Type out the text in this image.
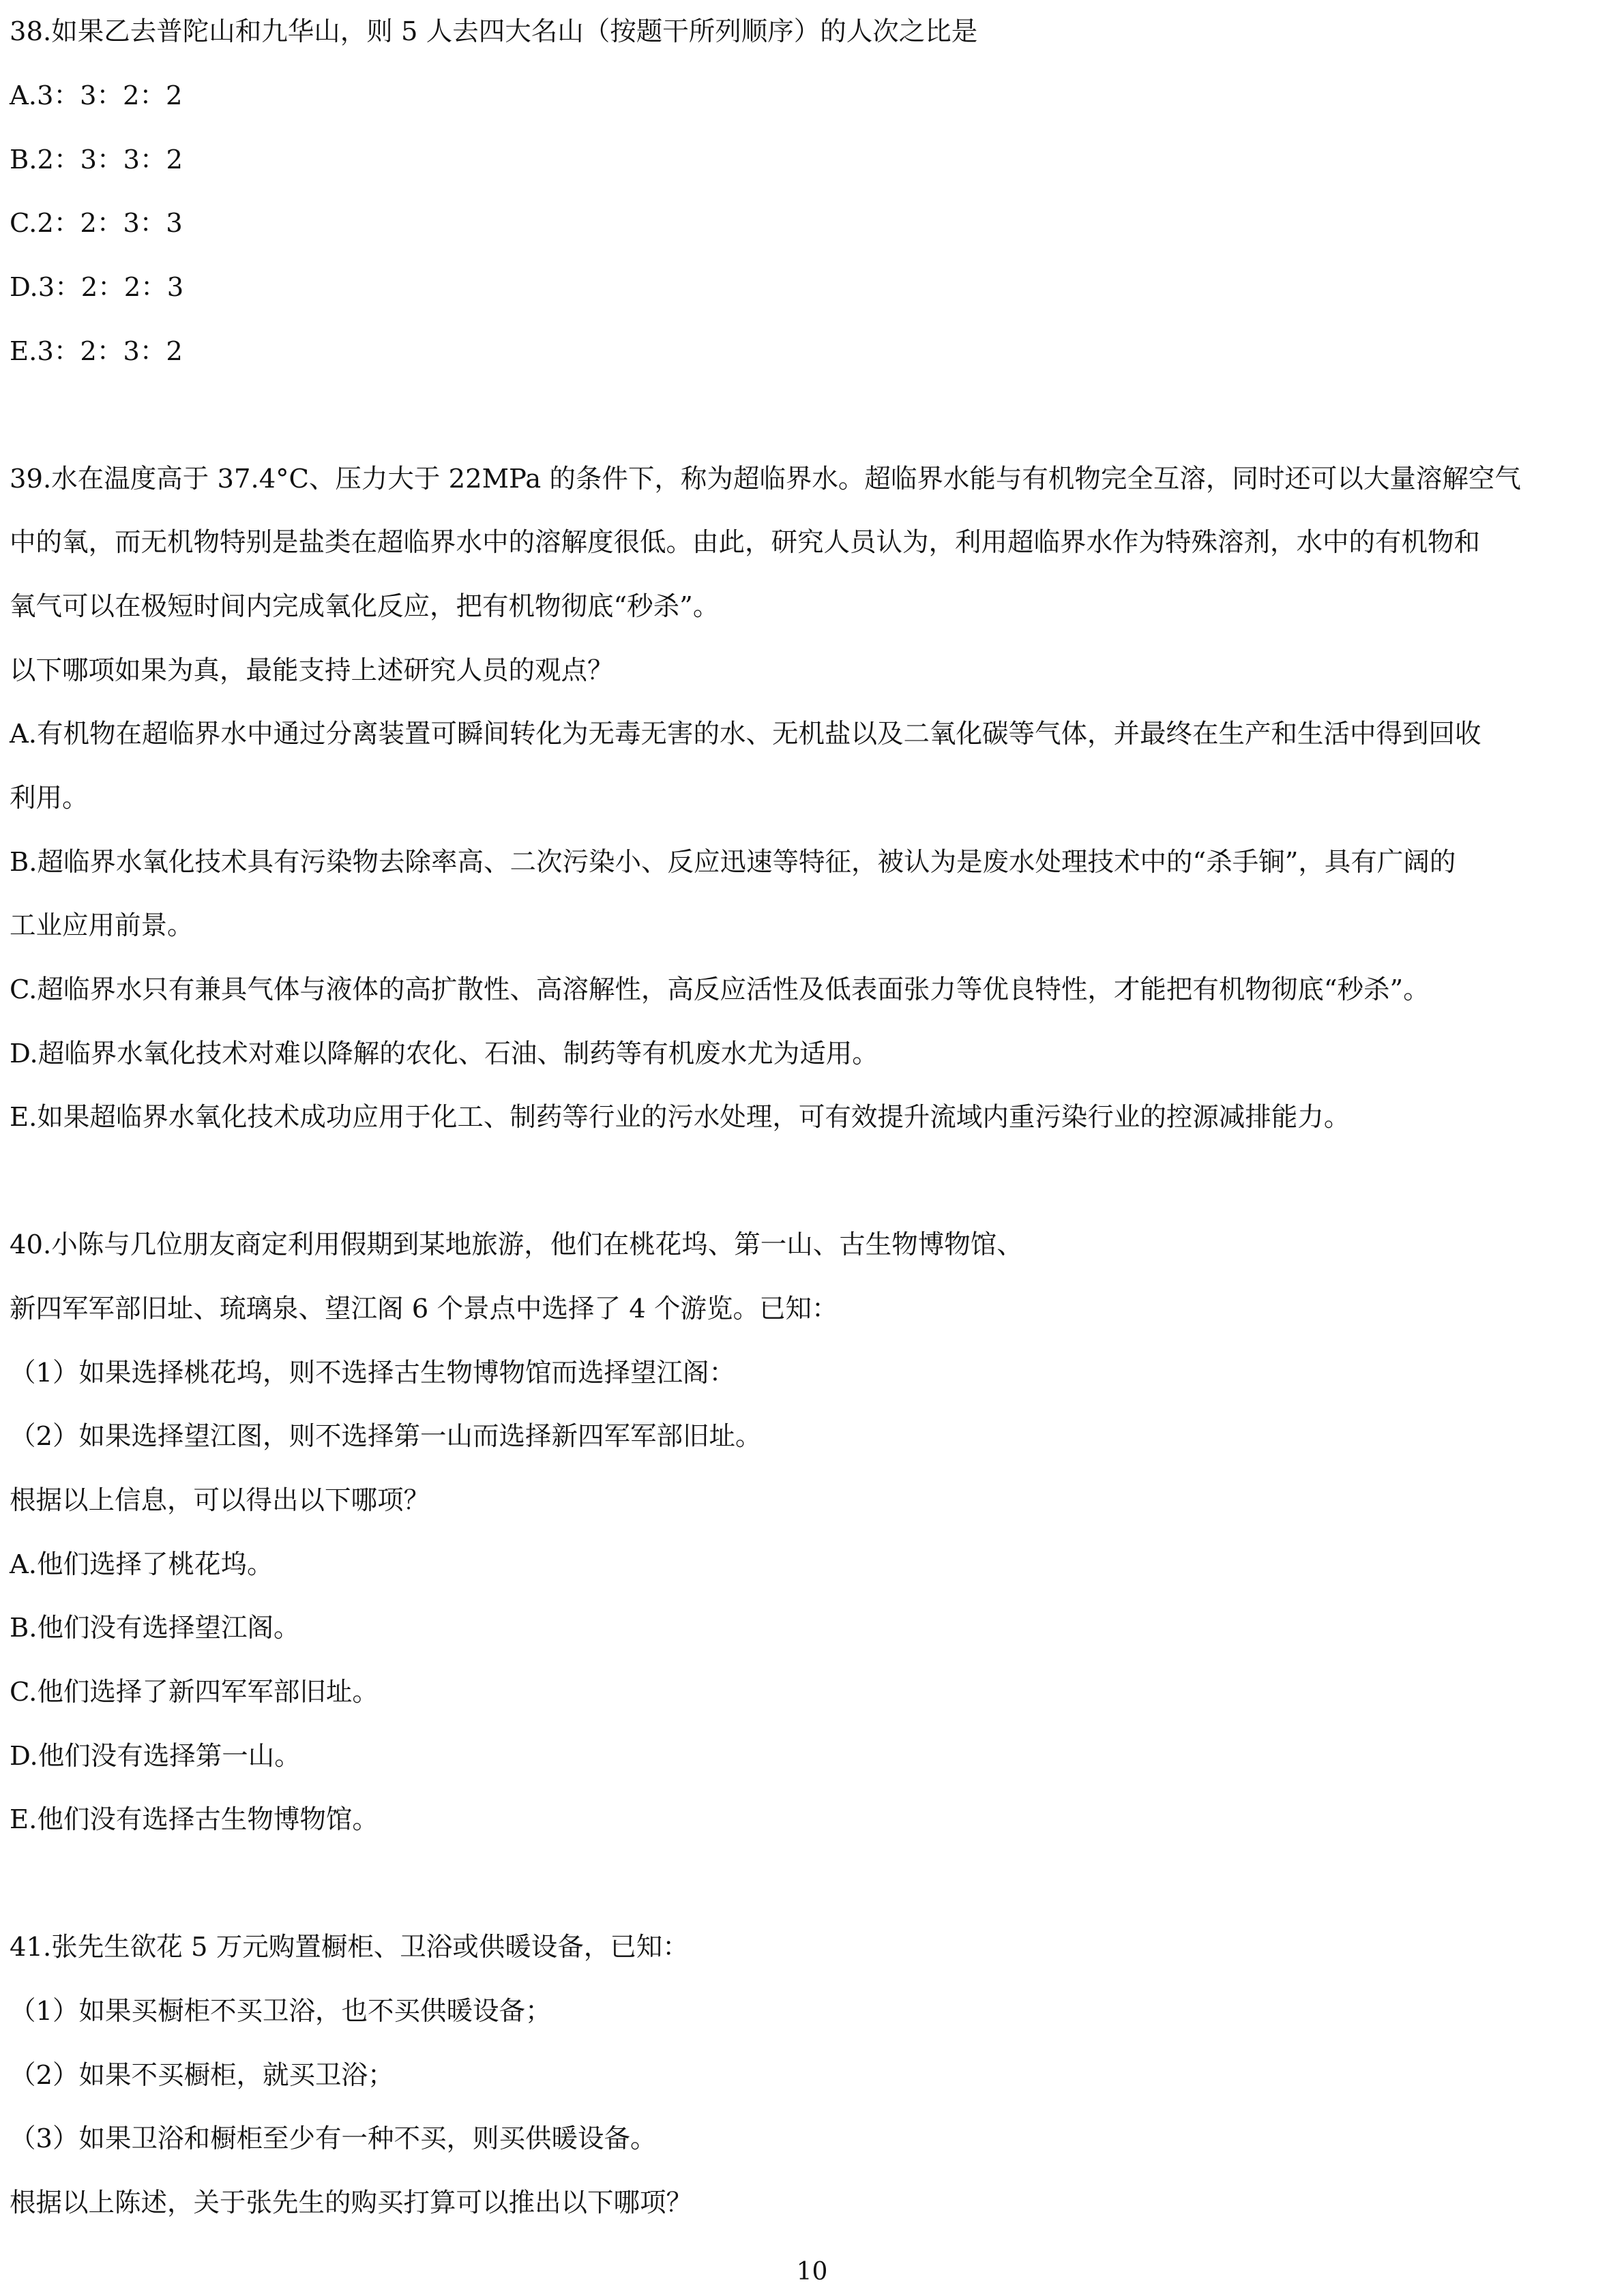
38.如果乙去普陀山和九华山，则 5 人去四大名山（按题干所列顺序）的人次之比是
A.3：3：2：2
B.2：3：3：2
C.2：2：3：3
D.3：2：2：3
E.3：2：3：2
39.水在温度高于 37.4°C、压力大于 22MPa 的条件下，称为超临界水。超临界水能与有机物完全互溶，同时还可以大量溶解空气
中的氧，而无机物特别是盐类在超临界水中的溶解度很低。由此，研究人员认为，利用超临界水作为特殊溶剂，水中的有机物和
氧气可以在极短时间内完成氧化反应，把有机物彻底“秒杀”。
以下哪项如果为真，最能支持上述研究人员的观点？
A.有机物在超临界水中通过分离装置可瞬间转化为无毒无害的水、无机盐以及二氧化碳等气体，并最终在生产和生活中得到回收
利用。
B.超临界水氧化技术具有污染物去除率高、二次污染小、反应迅速等特征，被认为是废水处理技术中的“杀手锏”，具有广阔的
工业应用前景。
C.超临界水只有兼具气体与液体的高扩散性、高溶解性，高反应活性及低表面张力等优良特性，才能把有机物彻底“秒杀”。
D.超临界水氧化技术对难以降解的农化、石油、制药等有机废水尤为适用。
E.如果超临界水氧化技术成功应用于化工、制药等行业的污水处理，可有效提升流域内重污染行业的控源减排能力。
40.小陈与几位朋友商定利用假期到某地旅游，他们在桃花坞、第一山、古生物博物馆、
新四军军部旧址、琉璃泉、望江阁 6 个景点中选择了 4 个游览。已知：
（1）如果选择桃花坞，则不选择古生物博物馆而选择望江阁：
（2）如果选择望江图，则不选择第一山而选择新四军军部旧址。
根据以上信息，可以得出以下哪项？
A.他们选择了桃花坞。
B.他们没有选择望江阁。
C.他们选择了新四军军部旧址。
D.他们没有选择第一山。
E.他们没有选择古生物博物馆。
41.张先生欲花 5 万元购置橱柜、卫浴或供暖设备，已知：
（1）如果买橱柜不买卫浴，也不买供暖设备；
（2）如果不买橱柜，就买卫浴；
（3）如果卫浴和橱柜至少有一种不买，则买供暖设备。
根据以上陈述，关于张先生的购买打算可以推出以下哪项？
10
